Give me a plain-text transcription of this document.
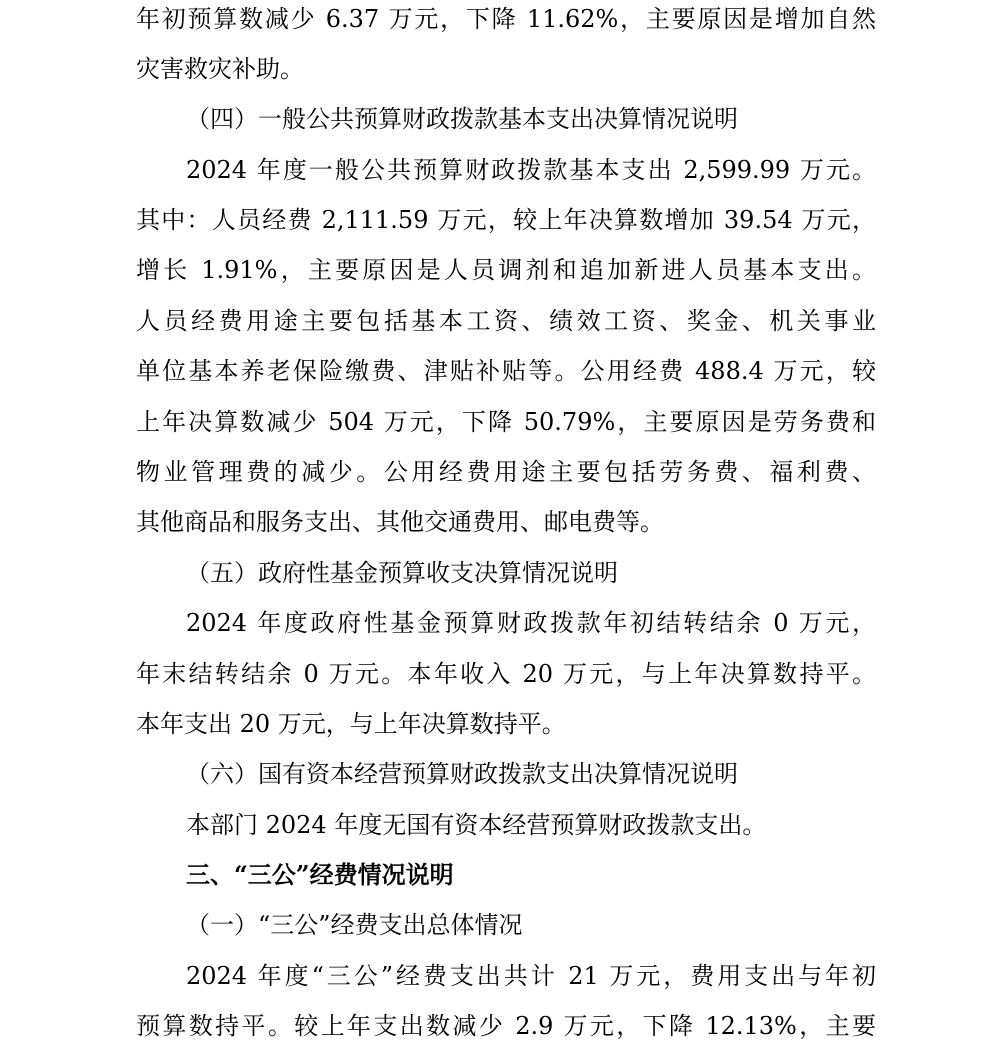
年初预算数减少 6.37 万元，下降 11.62%，主要原因是增加自然
灾害救灾补助。
（四）一般公共预算财政拨款基本支出决算情况说明
2024 年度一般公共预算财政拨款基本支出 2,599.99 万元。
其中：人员经费 2,111.59 万元，较上年决算数增加 39.54 万元，
增长 1.91%，主要原因是人员调剂和追加新进人员基本支出。
人员经费用途主要包括基本工资、绩效工资、奖金、机关事业
单位基本养老保险缴费、津贴补贴等。公用经费 488.4 万元，较
上年决算数减少 504 万元，下降 50.79%，主要原因是劳务费和
物业管理费的减少。公用经费用途主要包括劳务费、福利费、
其他商品和服务支出、其他交通费用、邮电费等。
（五）政府性基金预算收支决算情况说明
2024 年度政府性基金预算财政拨款年初结转结余 0 万元，
年末结转结余 0 万元。本年收入 20 万元，与上年决算数持平。
本年支出 20 万元，与上年决算数持平。
（六）国有资本经营预算财政拨款支出决算情况说明
本部门 2024 年度无国有资本经营预算财政拨款支出。
三、“三公”经费情况说明
（一）“三公”经费支出总体情况
2024 年度“三公”经费支出共计 21 万元，费用支出与年初
预算数持平。较上年支出数减少 2.9 万元，下降 12.13%，主要
